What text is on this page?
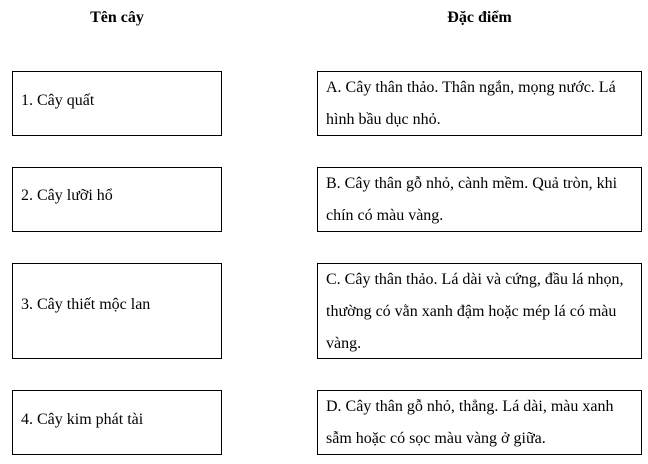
Tên cây	Đặc điểm
1. Cây quất
2. Cây lưỡi hổ
3. Cây thiết mộc lan
4. Cây kim phát tài
A. Cây thân thảo. Thân ngắn, mọng nước. Lá hình bầu dục nhỏ.
B. Cây thân gỗ nhỏ, cành mềm. Quả tròn, khi chín có màu vàng.
C. Cây thân thảo. Lá dài và cứng, đầu lá nhọn, thường có vằn xanh đậm hoặc mép lá có màu vàng.
D. Cây thân gỗ nhỏ, thẳng. Lá dài, màu xanh sẫm hoặc có sọc màu vàng ở giữa.
